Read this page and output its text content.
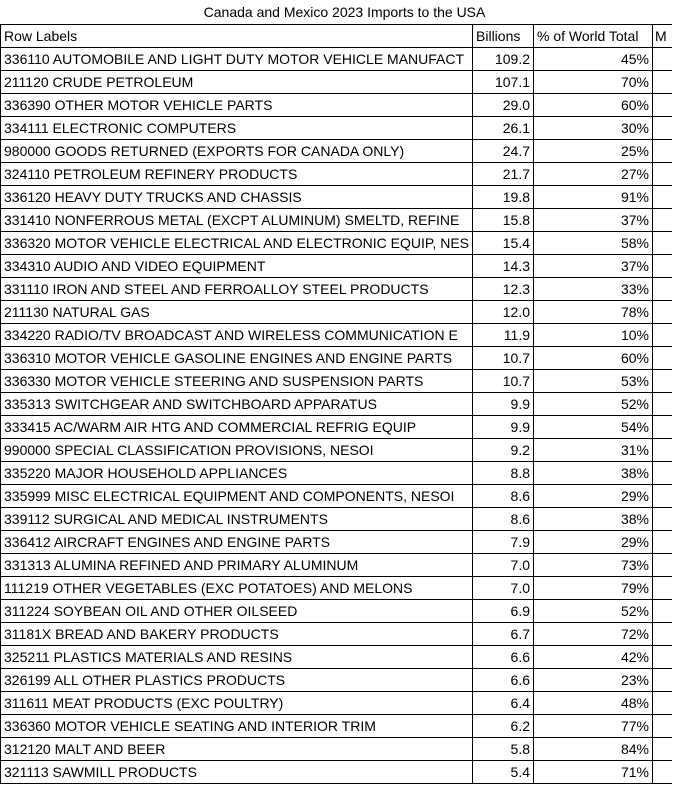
Canada and Mexico 2023 Imports to the USA
Row Labels	Billions	% of World Total	M
336110 AUTOMOBILE AND LIGHT DUTY MOTOR VEHICLE MANUFACT	109.2	45%	
211120 CRUDE PETROLEUM	107.1	70%	
336390 OTHER MOTOR VEHICLE PARTS	29.0	60%	
334111 ELECTRONIC COMPUTERS	26.1	30%	
980000 GOODS RETURNED (EXPORTS FOR CANADA ONLY)	24.7	25%	
324110 PETROLEUM REFINERY PRODUCTS	21.7	27%	
336120 HEAVY DUTY TRUCKS AND CHASSIS	19.8	91%	
331410 NONFERROUS METAL (EXCPT ALUMINUM) SMELTD, REFINE	15.8	37%	
336320 MOTOR VEHICLE ELECTRICAL AND ELECTRONIC EQUIP, NES	15.4	58%	
334310 AUDIO AND VIDEO EQUIPMENT	14.3	37%	
331110 IRON AND STEEL AND FERROALLOY STEEL PRODUCTS	12.3	33%	
211130 NATURAL GAS	12.0	78%	
334220 RADIO/TV BROADCAST AND WIRELESS COMMUNICATION E	11.9	10%	
336310 MOTOR VEHICLE GASOLINE ENGINES AND ENGINE PARTS	10.7	60%	
336330 MOTOR VEHICLE STEERING AND SUSPENSION PARTS	10.7	53%	
335313 SWITCHGEAR AND SWITCHBOARD APPARATUS	9.9	52%	
333415 AC/WARM AIR HTG AND COMMERCIAL REFRIG EQUIP	9.9	54%	
990000 SPECIAL CLASSIFICATION PROVISIONS, NESOI	9.2	31%	
335220 MAJOR HOUSEHOLD APPLIANCES	8.8	38%	
335999 MISC ELECTRICAL EQUIPMENT AND COMPONENTS, NESOI	8.6	29%	
339112 SURGICAL AND MEDICAL INSTRUMENTS	8.6	38%	
336412 AIRCRAFT ENGINES AND ENGINE PARTS	7.9	29%	
331313 ALUMINA REFINED AND PRIMARY ALUMINUM	7.0	73%	
111219 OTHER VEGETABLES (EXC POTATOES) AND MELONS	7.0	79%	
311224 SOYBEAN OIL AND OTHER OILSEED	6.9	52%	
31181X BREAD AND BAKERY PRODUCTS	6.7	72%	
325211 PLASTICS MATERIALS AND RESINS	6.6	42%	
326199 ALL OTHER PLASTICS PRODUCTS	6.6	23%	
311611 MEAT PRODUCTS (EXC POULTRY)	6.4	48%	
336360 MOTOR VEHICLE SEATING AND INTERIOR TRIM	6.2	77%	
312120 MALT AND BEER	5.8	84%	
321113 SAWMILL PRODUCTS	5.4	71%	
